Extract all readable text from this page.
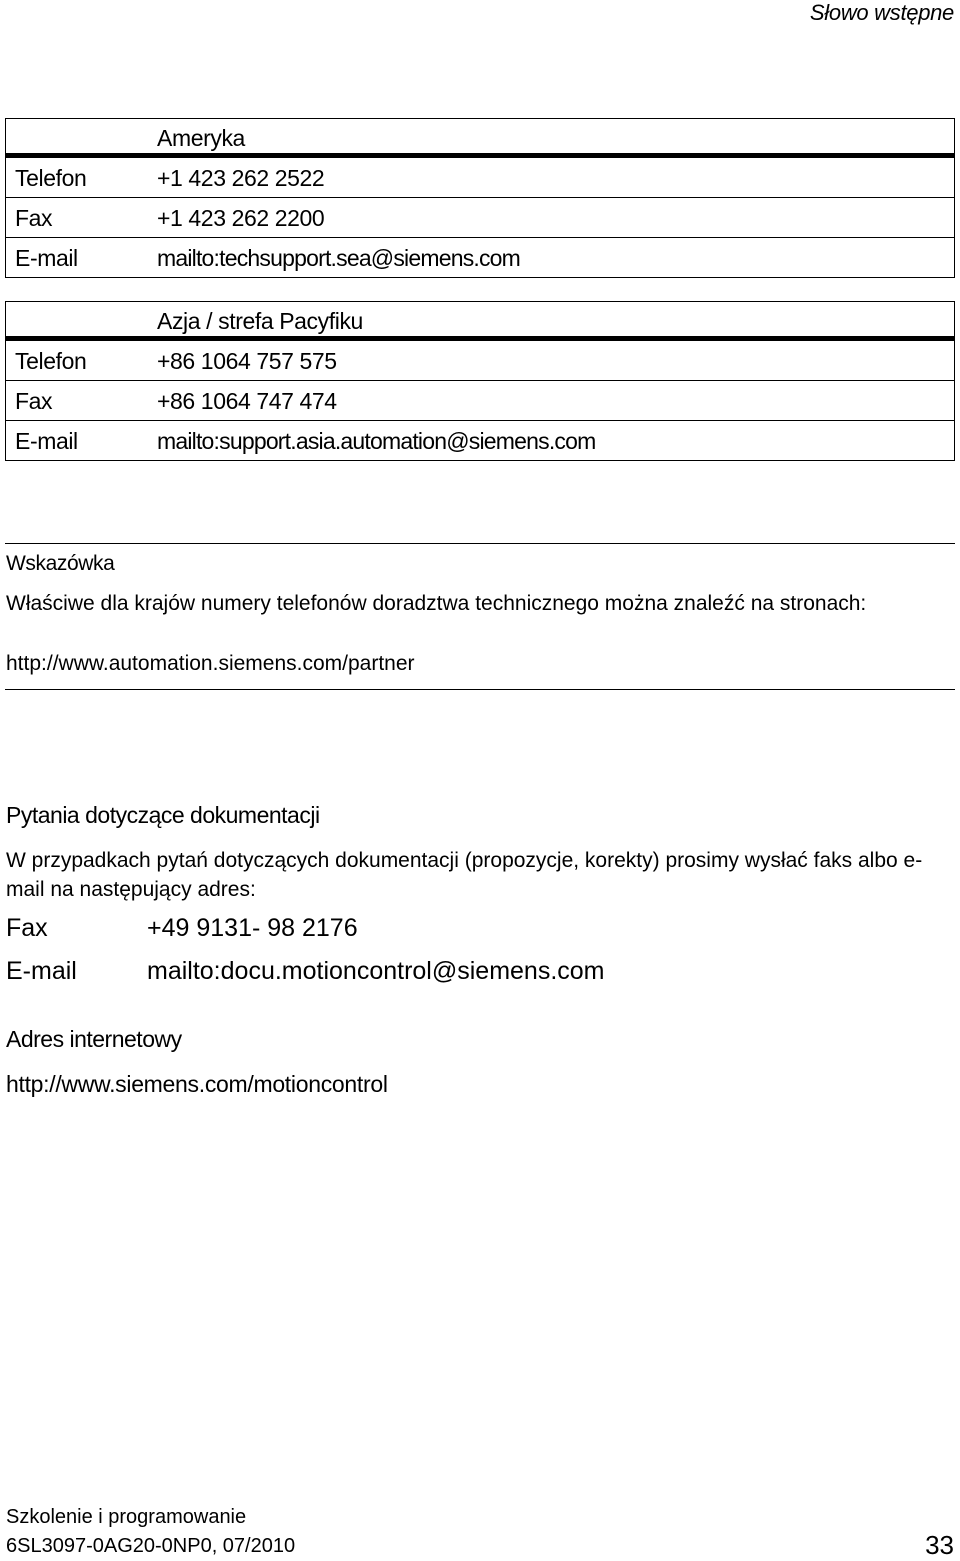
Słowo wstępne
Ameryka
Telefon	+1 423 262 2522
Fax	+1 423 262 2200
E-mail	mailto:techsupport.sea@siemens.com
Azja / strefa Pacyfiku
Telefon	+86 1064 757 575
Fax	+86 1064 747 474
E-mail	mailto:support.asia.automation@siemens.com
Wskazówka
Właściwe dla krajów numery telefonów doradztwa technicznego można znaleźć na stronach:
http://www.automation.siemens.com/partner
Pytania dotyczące dokumentacji
W przypadkach pytań dotyczących dokumentacji (propozycje, korekty) prosimy wysłać faks albo e-mail na następujący adres:
Fax	+49 9131- 98 2176
E-mail	mailto:docu.motioncontrol@siemens.com
Adres internetowy
http://www.siemens.com/motioncontrol
Szkolenie i programowanie
6SL3097-0AG20-0NP0, 07/2010	33
